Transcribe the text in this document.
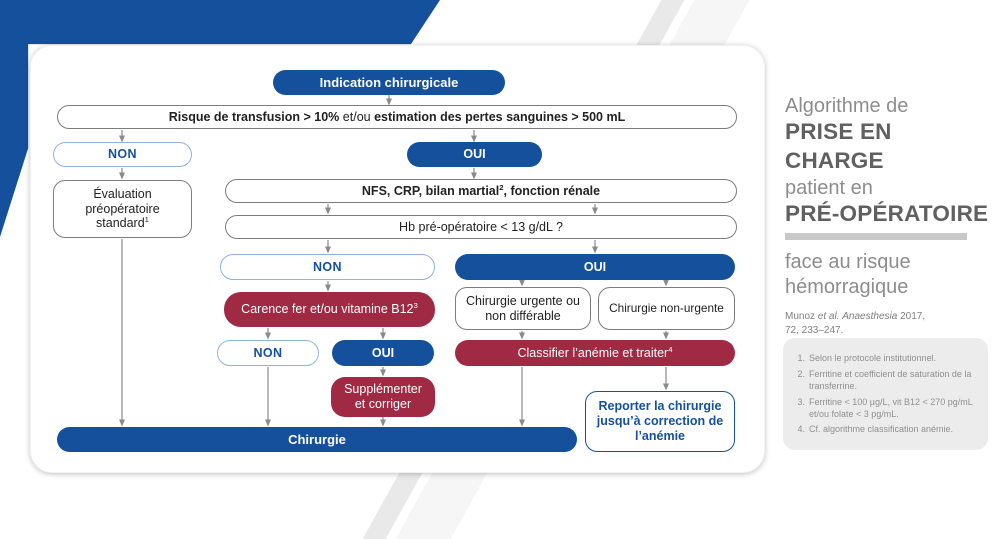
Indication chirurgicale
Risque de transfusion > 10%
et/ou
estimation des pertes sanguines > 500 mL
NON	OUI
Évaluation préopératoire standard$^1$
NFS, CRP, bilan martial$^2$, fonction rénale
Hb pré-opératoire < 13 g/dL ?
NON	OUI
Carence fer et/ou vitamine $B12^3$	Chirurgie urgente ou non différable
Chirurgie non-urgente
NON	OUI	Classifier l’anémie et traiter$^4$
Supplémenter et corriger	Reporter la chirurgie jusqu’à correction de l’anémie
Chirurgie
Algorithme de
PRISE EN CHARGE
patient en
PRÉ-OPÉRATOIRE
face au risque
hémorragique
Munoz et al. Anaesthesia 2017,
72, 233–247.
1. Selon le protocole institutionnel.
2. Ferritine et coefficient de saturation de la transferrine.
3. Ferritine < 100 µg/L, vit B12 < 270 pg/mL et/ou folate < 3 pg/mL.
4. Cf. algorithme classification anémie.
